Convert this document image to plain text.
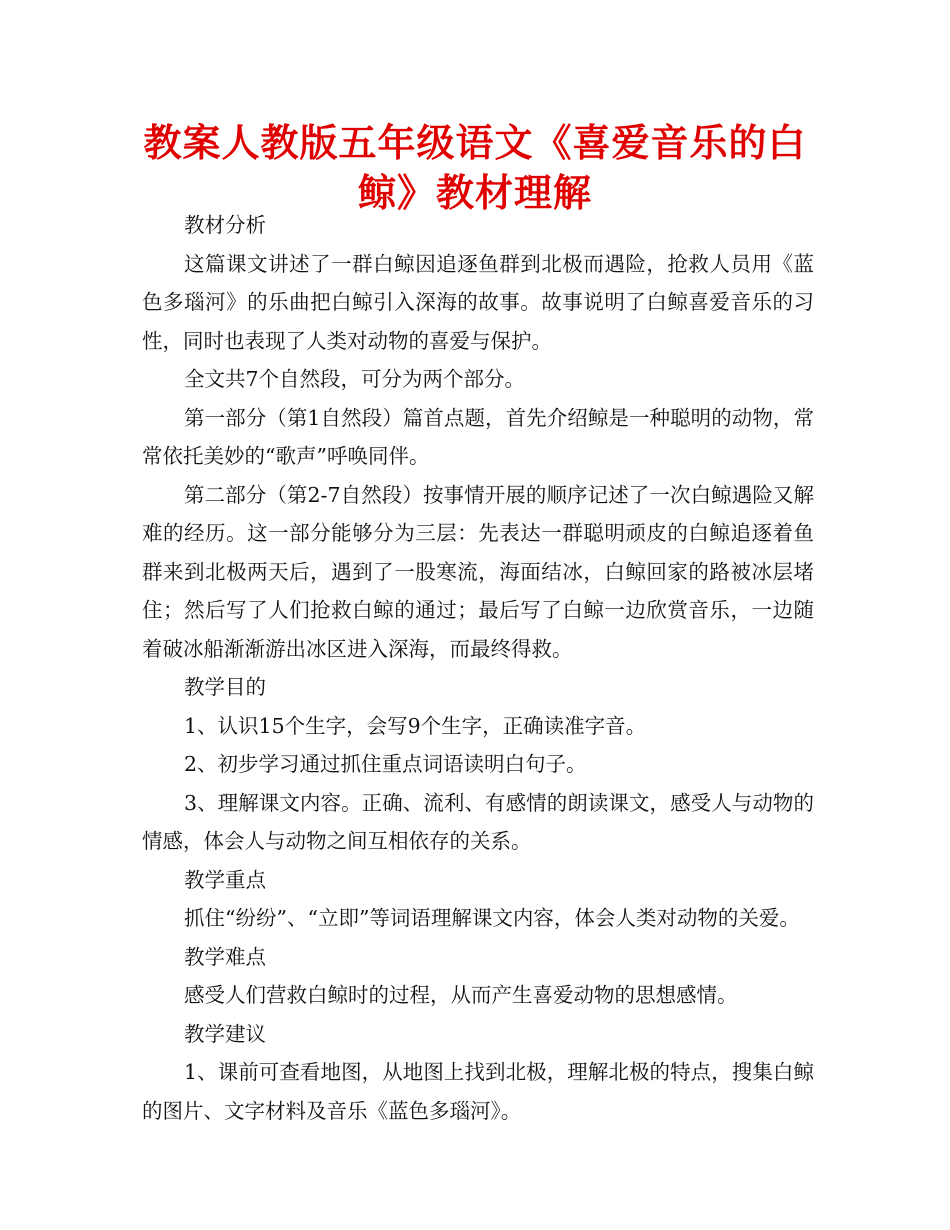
教案人教版五年级语文《喜爱音乐的白鲸》教材理解

教材分析

这篇课文讲述了一群白鲸因追逐鱼群到北极而遇险，抢救人员用《蓝色多瑙河》的乐曲把白鲸引入深海的故事。故事说明了白鲸喜爱音乐的习性，同时也表现了人类对动物的喜爱与保护。

全文共7个自然段，可分为两个部分。

第一部分（第1自然段）篇首点题，首先介绍鲸是一种聪明的动物，常常依托美妙的“歌声”呼唤同伴。

第二部分（第2-7自然段）按事情开展的顺序记述了一次白鲸遇险又解难的经历。这一部分能够分为三层：先表达一群聪明顽皮的白鲸追逐着鱼群来到北极两天后，遇到了一股寒流，海面结冰，白鲸回家的路被冰层堵住；然后写了人们抢救白鲸的通过；最后写了白鲸一边欣赏音乐，一边随着破冰船渐渐游出冰区进入深海，而最终得救。

教学目的

1、认识15个生字，会写9个生字，正确读准字音。

2、初步学习通过抓住重点词语读明白句子。

3、理解课文内容。正确、流利、有感情的朗读课文，感受人与动物的情感，体会人与动物之间互相依存的关系。

教学重点

抓住“纷纷”、“立即”等词语理解课文内容，体会人类对动物的关爱。

教学难点

感受人们营救白鲸时的过程，从而产生喜爱动物的思想感情。

教学建议

1、课前可查看地图，从地图上找到北极，理解北极的特点，搜集白鲸的图片、文字材料及音乐《蓝色多瑙河》。
